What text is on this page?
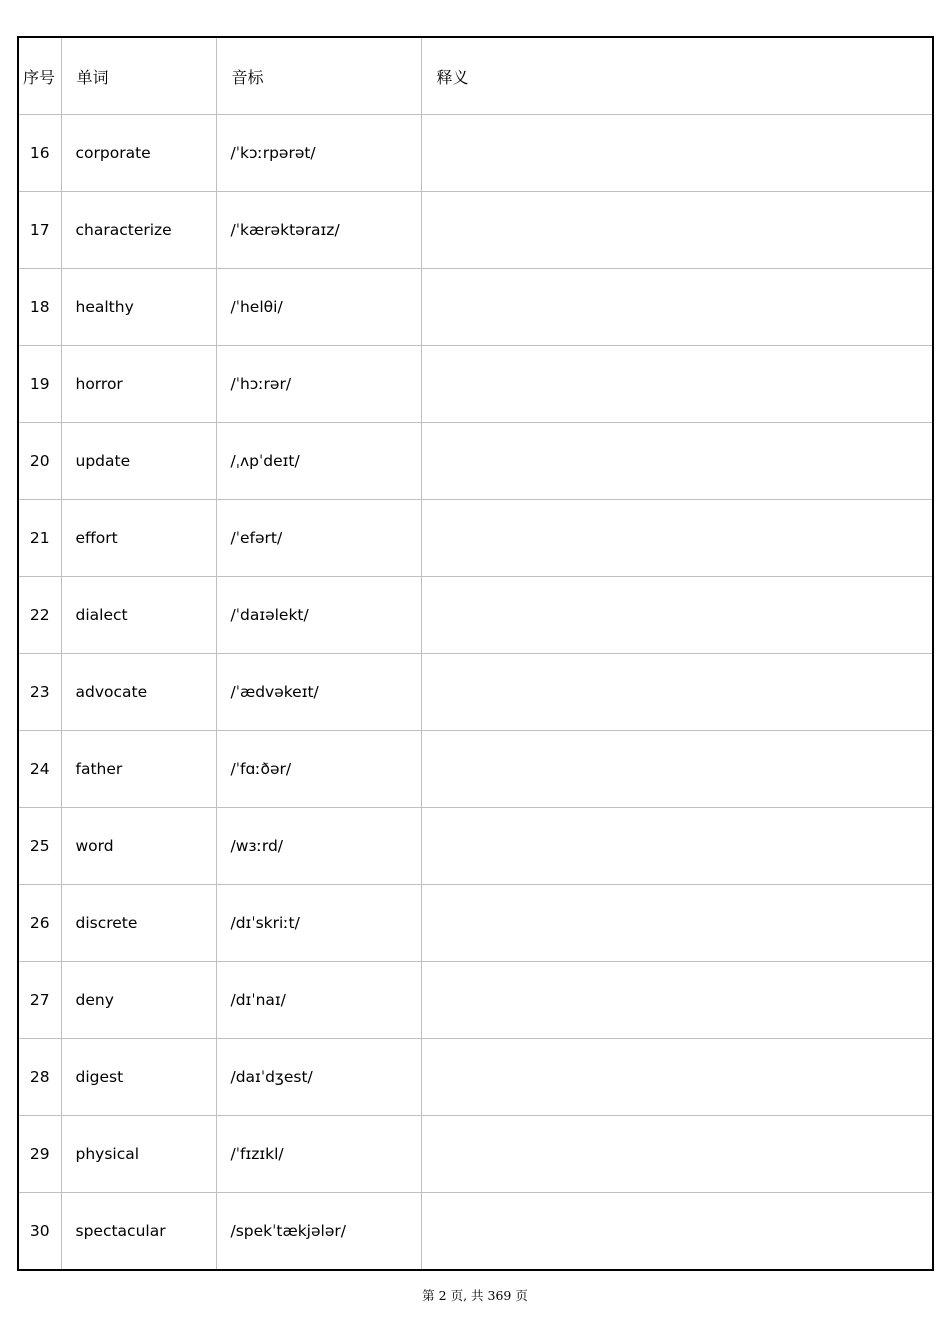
序号	单词	音标	释义
16	corporate	/ˈkɔːrpərət/	
17	characterize	/ˈkærəktəraɪz/	
18	healthy	/ˈhelθi/	
19	horror	/ˈhɔːrər/	
20	update	/ˌʌpˈdeɪt/	
21	effort	/ˈefərt/	
22	dialect	/ˈdaɪəlekt/	
23	advocate	/ˈædvəkeɪt/	
24	father	/ˈfɑːðər/	
25	word	/wɜːrd/	
26	discrete	/dɪˈskriːt/	
27	deny	/dɪˈnaɪ/	
28	digest	/daɪˈdʒest/	
29	physical	/ˈfɪzɪkl/	
30	spectacular	/spekˈtækjələr/	
第 2 页, 共 369 页
